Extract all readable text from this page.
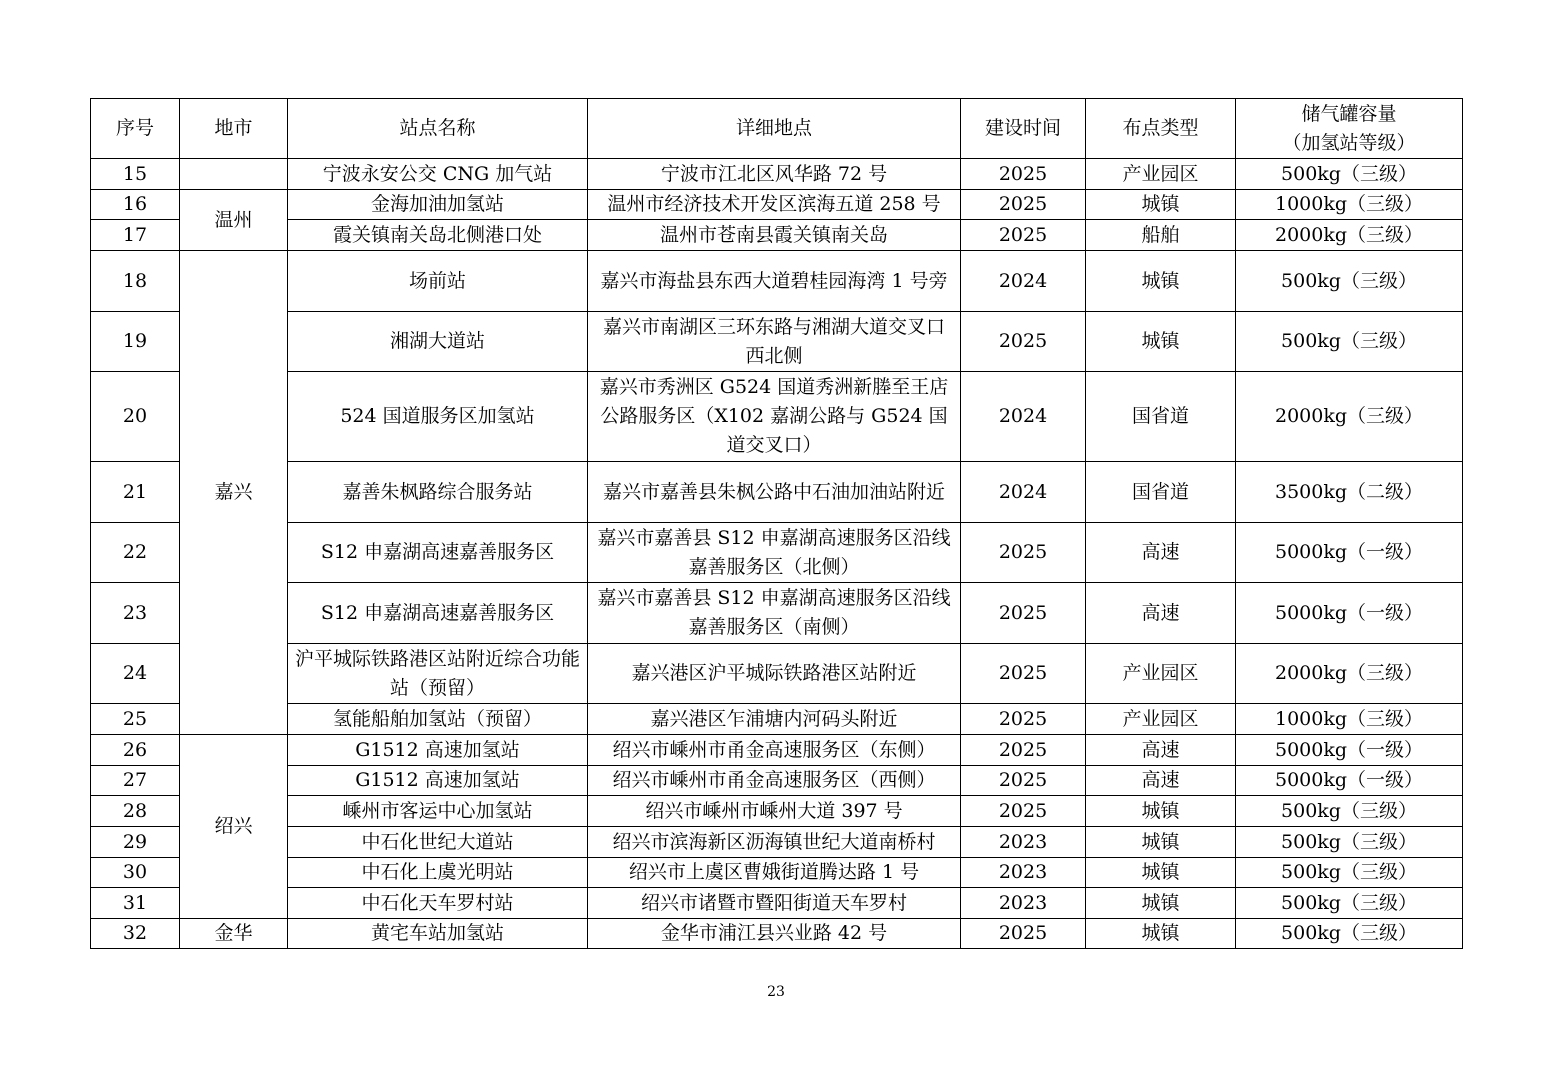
序号	地市	站点名称	详细地点	建设时间	布点类型	储气罐容量
（加氢站等级）

15		宁波永安公交 CNG 加气站	宁波市江北区风华路 72 号	2025	产业园区	500kg（三级）
16	温州	金海加油加氢站	温州市经济技术开发区滨海五道 258 号	2025	城镇	1000kg（三级）
17		霞关镇南关岛北侧港口处	温州市苍南县霞关镇南关岛	2025	船舶	2000kg（三级）
18	嘉兴	场前站	嘉兴市海盐县东西大道碧桂园海湾 1 号旁	2024	城镇	500kg（三级）
19		湘湖大道站	嘉兴市南湖区三环东路与湘湖大道交叉口西北侧	2025	城镇	500kg（三级）
20		524 国道服务区加氢站	嘉兴市秀洲区 G524 国道秀洲新塍至王店公路服务区（X102 嘉湖公路与 G524 国道交叉口）	2024	国省道	2000kg（三级）
21		嘉善朱枫路综合服务站	嘉兴市嘉善县朱枫公路中石油加油站附近	2024	国省道	3500kg（二级）
22		S12 申嘉湖高速嘉善服务区	嘉兴市嘉善县 S12 申嘉湖高速服务区沿线嘉善服务区（北侧）	2025	高速	5000kg（一级）
23		S12 申嘉湖高速嘉善服务区	嘉兴市嘉善县 S12 申嘉湖高速服务区沿线嘉善服务区（南侧）	2025	高速	5000kg（一级）
24		沪平城际铁路港区站附近综合功能站（预留）	嘉兴港区沪平城际铁路港区站附近	2025	产业园区	2000kg（三级）
25		氢能船舶加氢站（预留）	嘉兴港区乍浦塘内河码头附近	2025	产业园区	1000kg（三级）
26	绍兴	G1512 高速加氢站	绍兴市嵊州市甬金高速服务区（东侧）	2025	高速	5000kg（一级）
27		G1512 高速加氢站	绍兴市嵊州市甬金高速服务区（西侧）	2025	高速	5000kg（一级）
28		嵊州市客运中心加氢站	绍兴市嵊州市嵊州大道 397 号	2025	城镇	500kg（三级）
29		中石化世纪大道站	绍兴市滨海新区沥海镇世纪大道南桥村	2023	城镇	500kg（三级）
30		中石化上虞光明站	绍兴市上虞区曹娥街道腾达路 1 号	2023	城镇	500kg（三级）
31		中石化天车罗村站	绍兴市诸暨市暨阳街道天车罗村	2023	城镇	500kg（三级）
32	金华	黄宅车站加氢站	金华市浦江县兴业路 42 号	2025	城镇	500kg（三级）
23
